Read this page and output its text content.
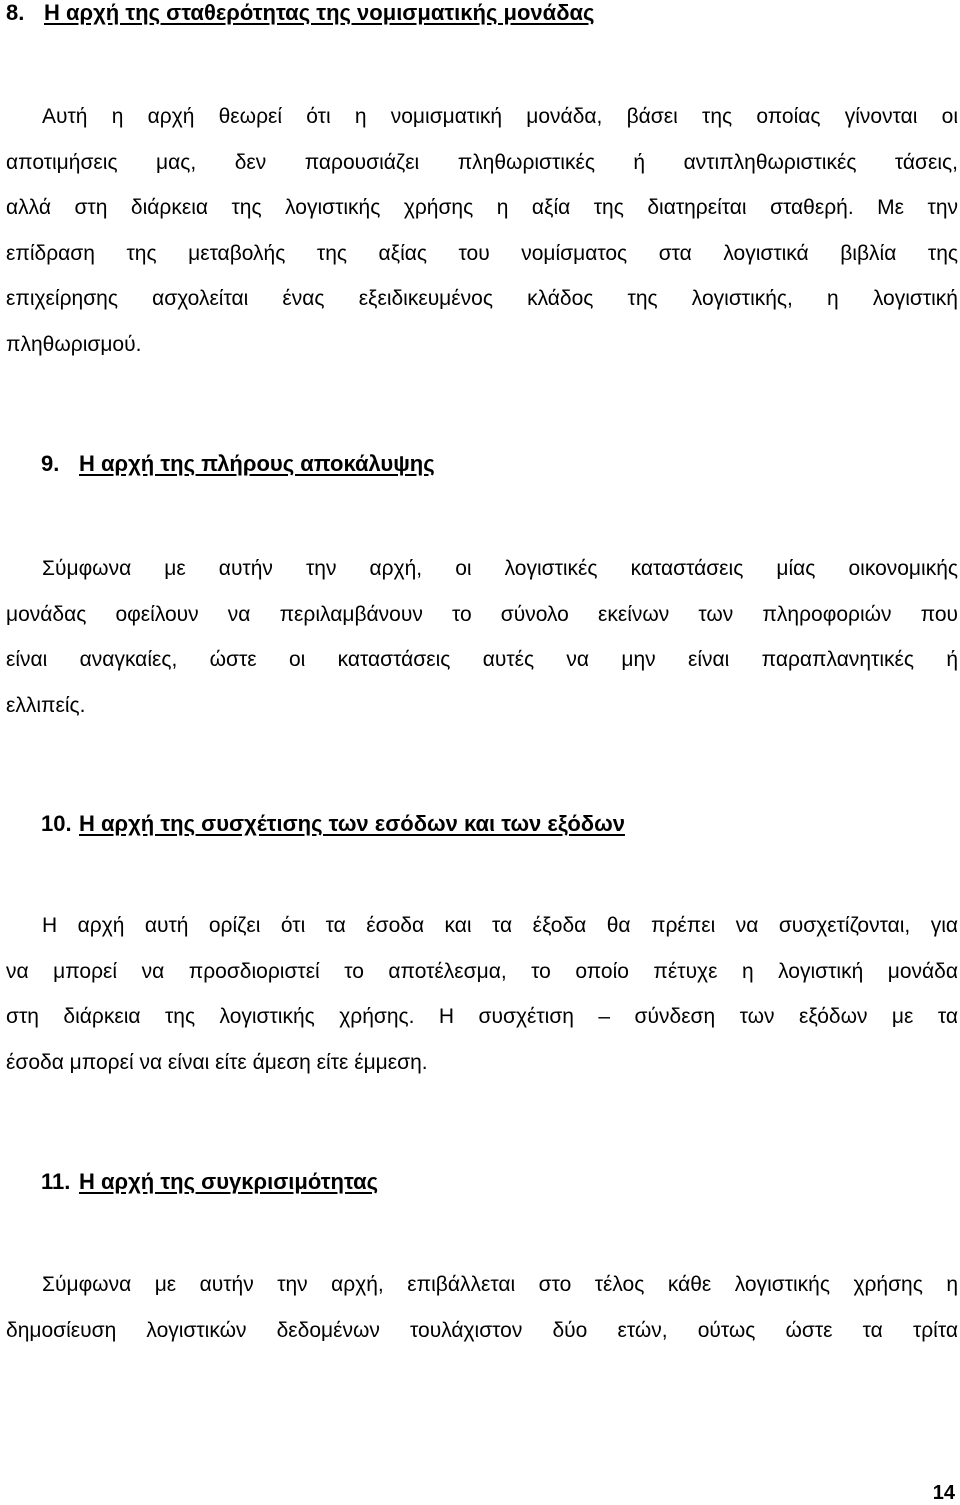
8. Η αρχή της σταθερότητας της νομισματικής μονάδας
Αυτή η αρχή θεωρεί ότι η νομισματική μονάδα, βάσει της οποίας γίνονται οι
αποτιμήσεις μας, δεν παρουσιάζει πληθωριστικές ή αντιπληθωριστικές τάσεις,
αλλά στη διάρκεια της λογιστικής χρήσης η αξία της διατηρείται σταθερή. Με την
επίδραση της μεταβολής της αξίας του νομίσματος στα λογιστικά βιβλία της
επιχείρησης ασχολείται ένας εξειδικευμένος κλάδος της λογιστικής, η λογιστική
πληθωρισμού.
9. Η αρχή της πλήρους αποκάλυψης
Σύμφωνα με αυτήν την αρχή, οι λογιστικές καταστάσεις μίας οικονομικής
μονάδας οφείλουν να περιλαμβάνουν το σύνολο εκείνων των πληροφοριών που
είναι αναγκαίες, ώστε οι καταστάσεις αυτές να μην είναι παραπλανητικές ή
ελλιπείς.
10. Η αρχή της συσχέτισης των εσόδων και των εξόδων
Η αρχή αυτή ορίζει ότι τα έσοδα και τα έξοδα θα πρέπει να συσχετίζονται, για
να μπορεί να προσδιοριστεί το αποτέλεσμα, το οποίο πέτυχε η λογιστική μονάδα
στη διάρκεια της λογιστικής χρήσης. Η συσχέτιση – σύνδεση των εξόδων με τα
έσοδα μπορεί να είναι είτε άμεση είτε έμμεση.
11. Η αρχή της συγκρισιμότητας
Σύμφωνα με αυτήν την αρχή, επιβάλλεται στο τέλος κάθε λογιστικής χρήσης η
δημοσίευση λογιστικών δεδομένων τουλάχιστον δύο ετών, ούτως ώστε τα τρίτα
14
